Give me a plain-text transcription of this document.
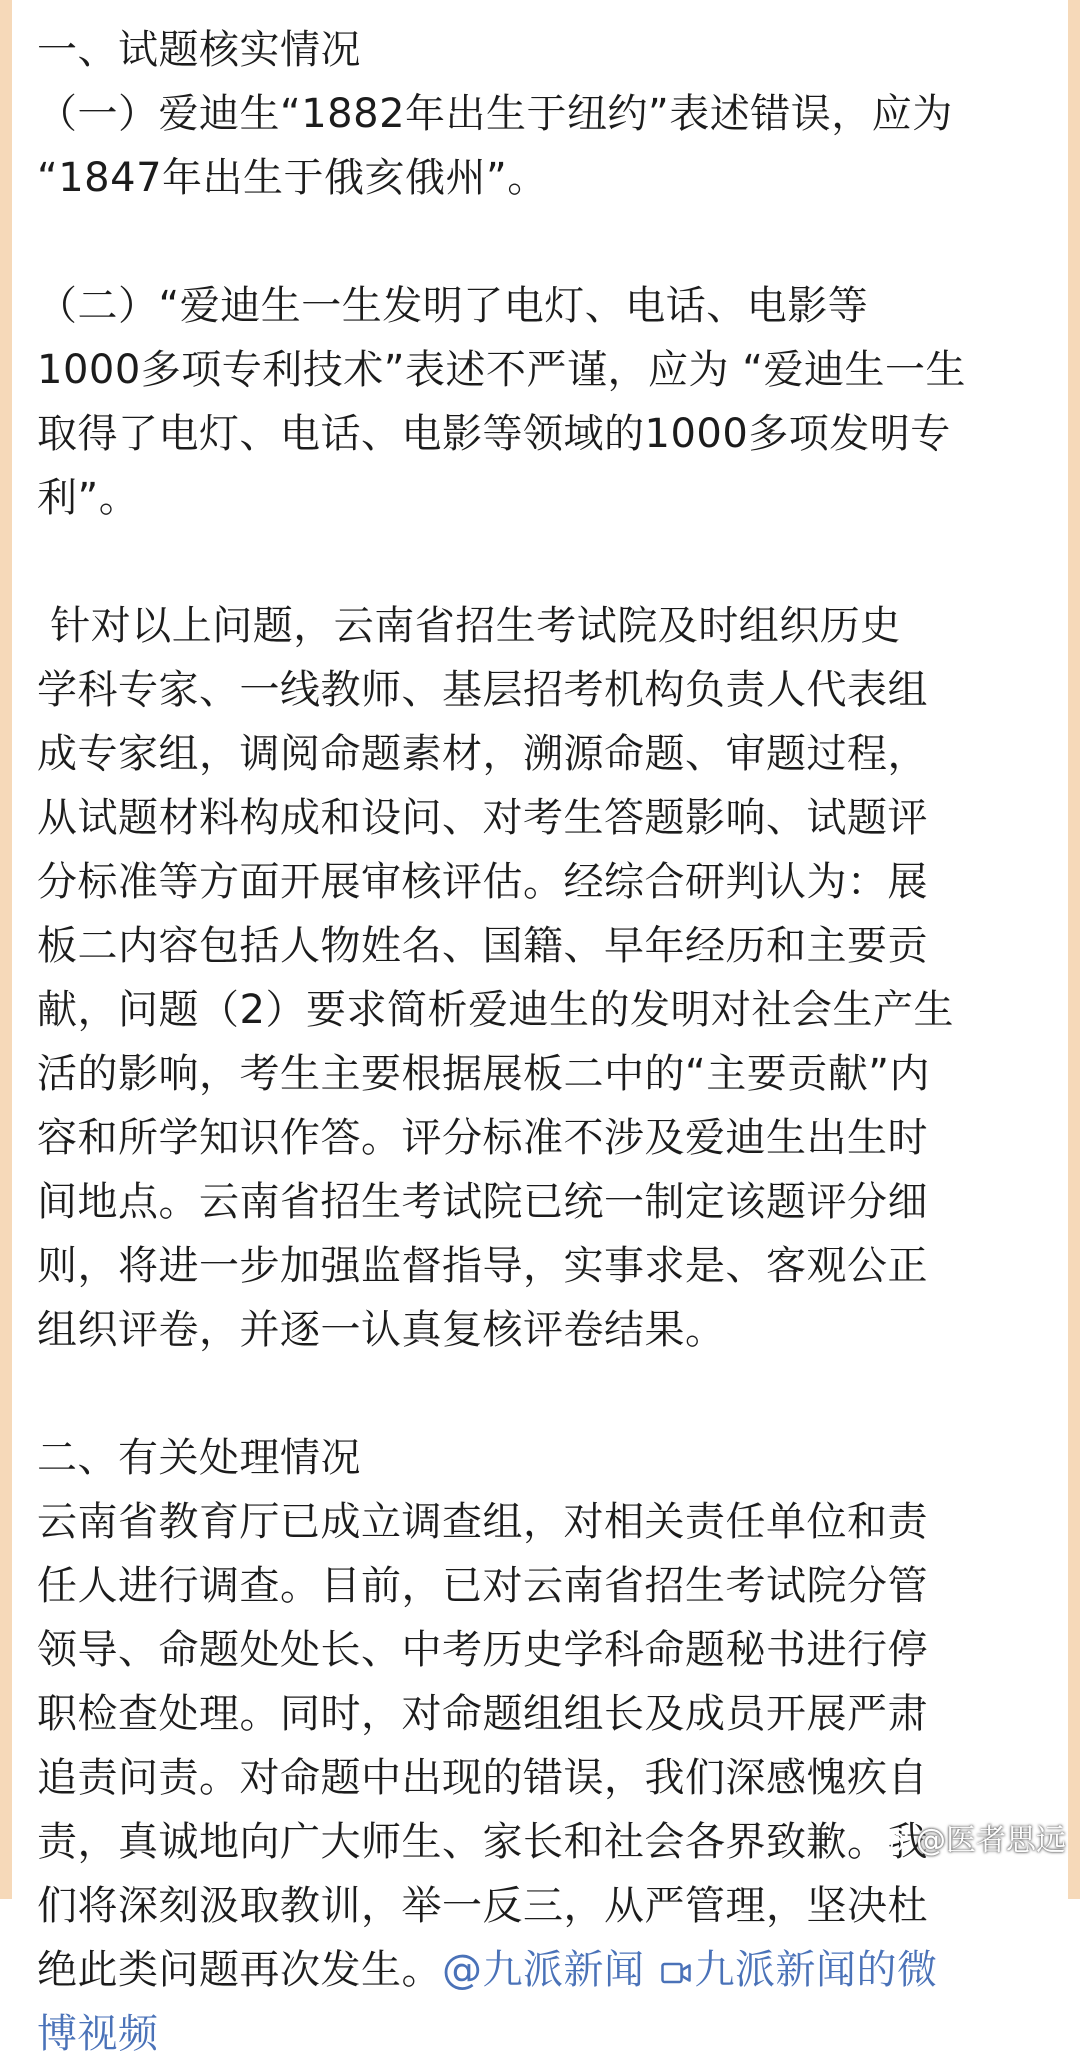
一、试题核实情况
（一）爱迪生“1882年出生于纽约”表述错误，应为
“1847年出生于俄亥俄州”。
（二）“爱迪生一生发明了电灯、电话、电影等
1000多项专利技术”表述不严谨，应为 “爱迪生一生
取得了电灯、电话、电影等领域的1000多项发明专
利”。
针对以上问题，云南省招生考试院及时组织历史
学科专家、一线教师、基层招考机构负责人代表组
成专家组，调阅命题素材，溯源命题、审题过程，
从试题材料构成和设问、对考生答题影响、试题评
分标准等方面开展审核评估。经综合研判认为：展
板二内容包括人物姓名、国籍、早年经历和主要贡
献，问题（2）要求简析爱迪生的发明对社会生产生
活的影响，考生主要根据展板二中的“主要贡献”内
容和所学知识作答。评分标准不涉及爱迪生出生时
间地点。云南省招生考试院已统一制定该题评分细
则，将进一步加强监督指导，实事求是、客观公正
组织评卷，并逐一认真复核评卷结果。
二、有关处理情况
云南省教育厅已成立调查组，对相关责任单位和责
任人进行调查。目前，已对云南省招生考试院分管
领导、命题处处长、中考历史学科命题秘书进行停
职检查处理。同时，对命题组组长及成员开展严肃
追责问责。对命题中出现的错误，我们深感愧疚自
责，真诚地向广大师生、家长和社会各界致歉。我
们将深刻汲取教训，举一反三，从严管理，坚决杜
绝此类问题再次发生。@九派新闻 九派新闻的微
博视频
@医者思远
